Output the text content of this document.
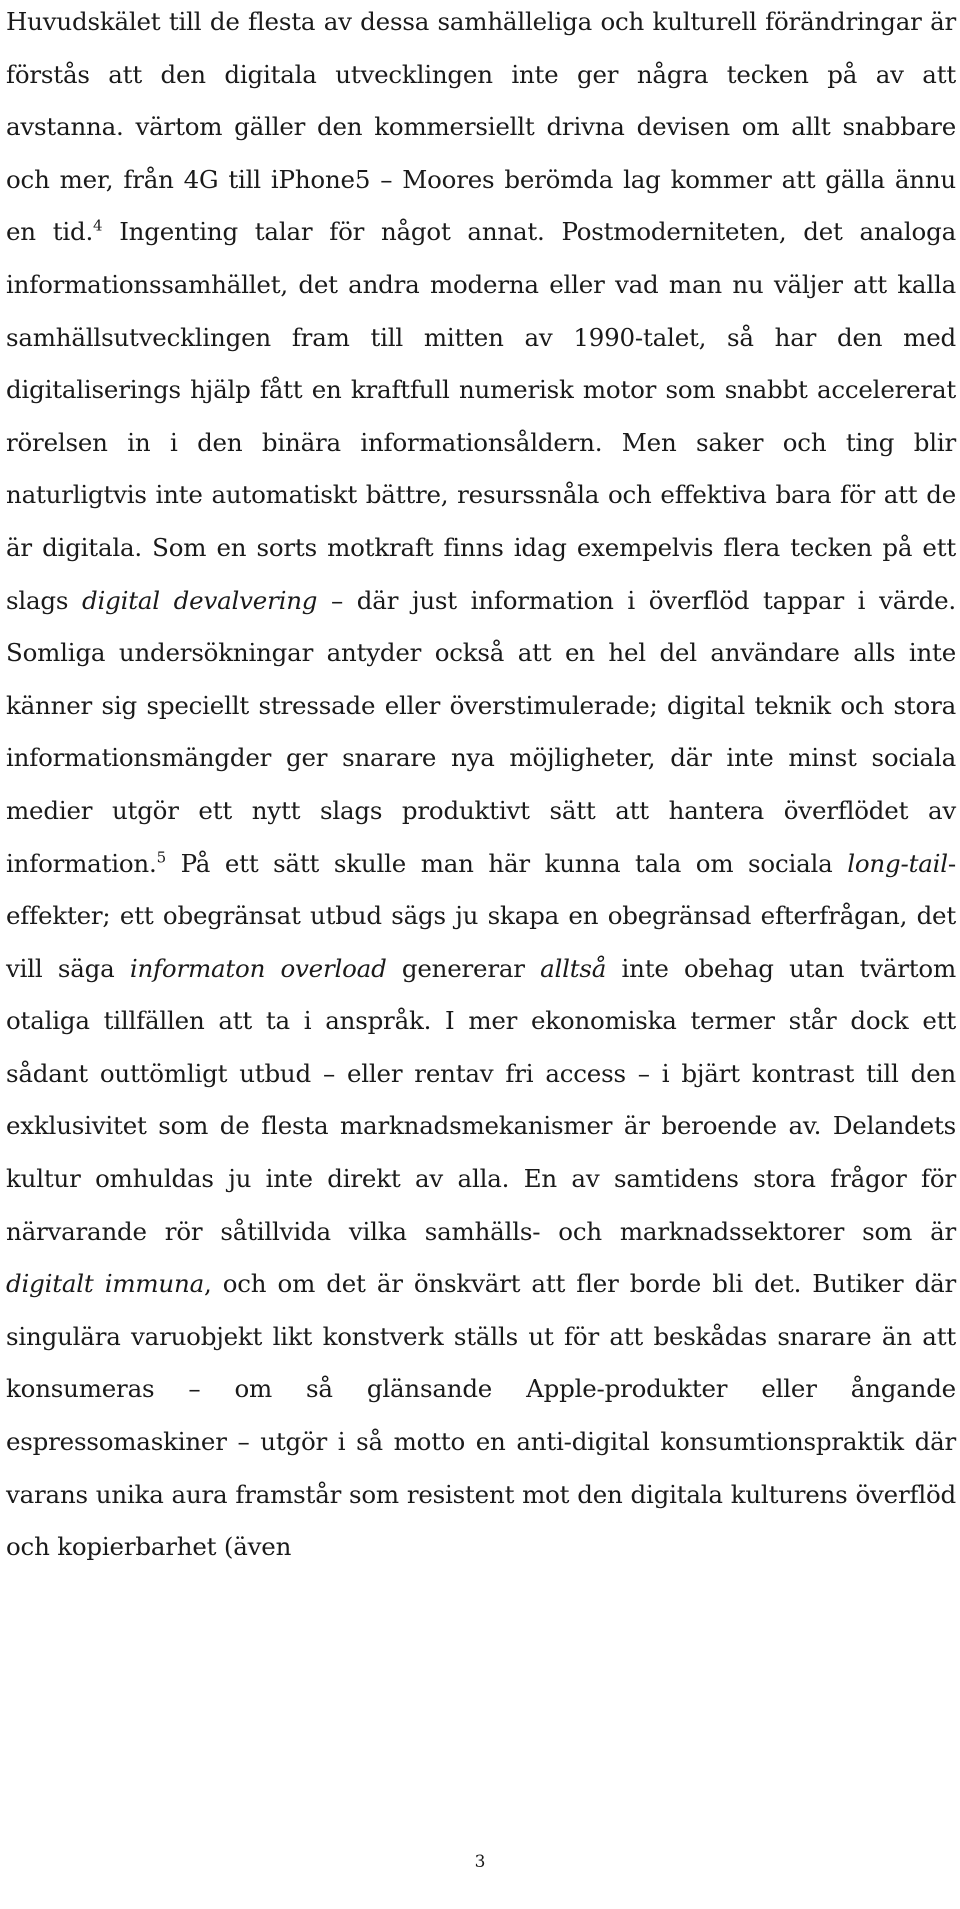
Huvudskälet till de flesta av dessa samhälleliga och kulturell förändringar är förstås att den digitala utvecklingen inte ger några tecken på av att avstanna. värtom gäller den kommersiellt drivna devisen om allt snabbare och mer, från 4G till iPhone5 – Moores berömda lag kommer att gälla ännu en tid.$^4$ Ingenting talar för något annat. Postmoderniteten, det analoga informationssamhället, det andra moderna eller vad man nu väljer att kalla samhällsutvecklingen fram till mitten av 1990-talet, så har den med digitaliserings hjälp fått en kraftfull numerisk motor som snabbt accelererat rörelsen in i den binära informationsåldern. Men saker och ting blir naturligtvis inte automatiskt bättre, resurssnåla och effektiva bara för att de är digitala. Som en sorts motkraft finns idag exempelvis flera tecken på ett slags digital devalvering – där just information i överflöd tappar i värde. Somliga undersökningar antyder också att en hel del användare alls inte känner sig speciellt stressade eller överstimulerade; digital teknik och stora informationsmängder ger snarare nya möjligheter, där inte minst sociala medier utgör ett nytt slags produktivt sätt att hantera överflödet av information.$^5$ På ett sätt skulle man här kunna tala om sociala long-tail-effekter; ett obegränsat utbud sägs ju skapa en obegränsad efterfrågan, det vill säga informaton overload genererar alltså inte obehag utan tvärtom otaliga tillfällen att ta i anspråk. I mer ekonomiska termer står dock ett sådant outtömligt utbud – eller rentav fri access – i bjärt kontrast till den exklusivitet som de flesta marknadsmekanismer är beroende av. Delandets kultur omhuldas ju inte direkt av alla. En av samtidens stora frågor för närvarande rör såtillvida vilka samhälls- och marknadssektorer som är digitalt immuna, och om det är önskvärt att fler borde bli det. Butiker där singulära varuobjekt likt konstverk ställs ut för att beskådas snarare än att konsumeras – om så glänsande Apple-produkter eller ångande espressomaskiner – utgör i så motto en anti-digital konsumtionspraktik där varans unika aura framstår som resistent mot den digitala kulturens överflöd och kopierbarhet (även

3
